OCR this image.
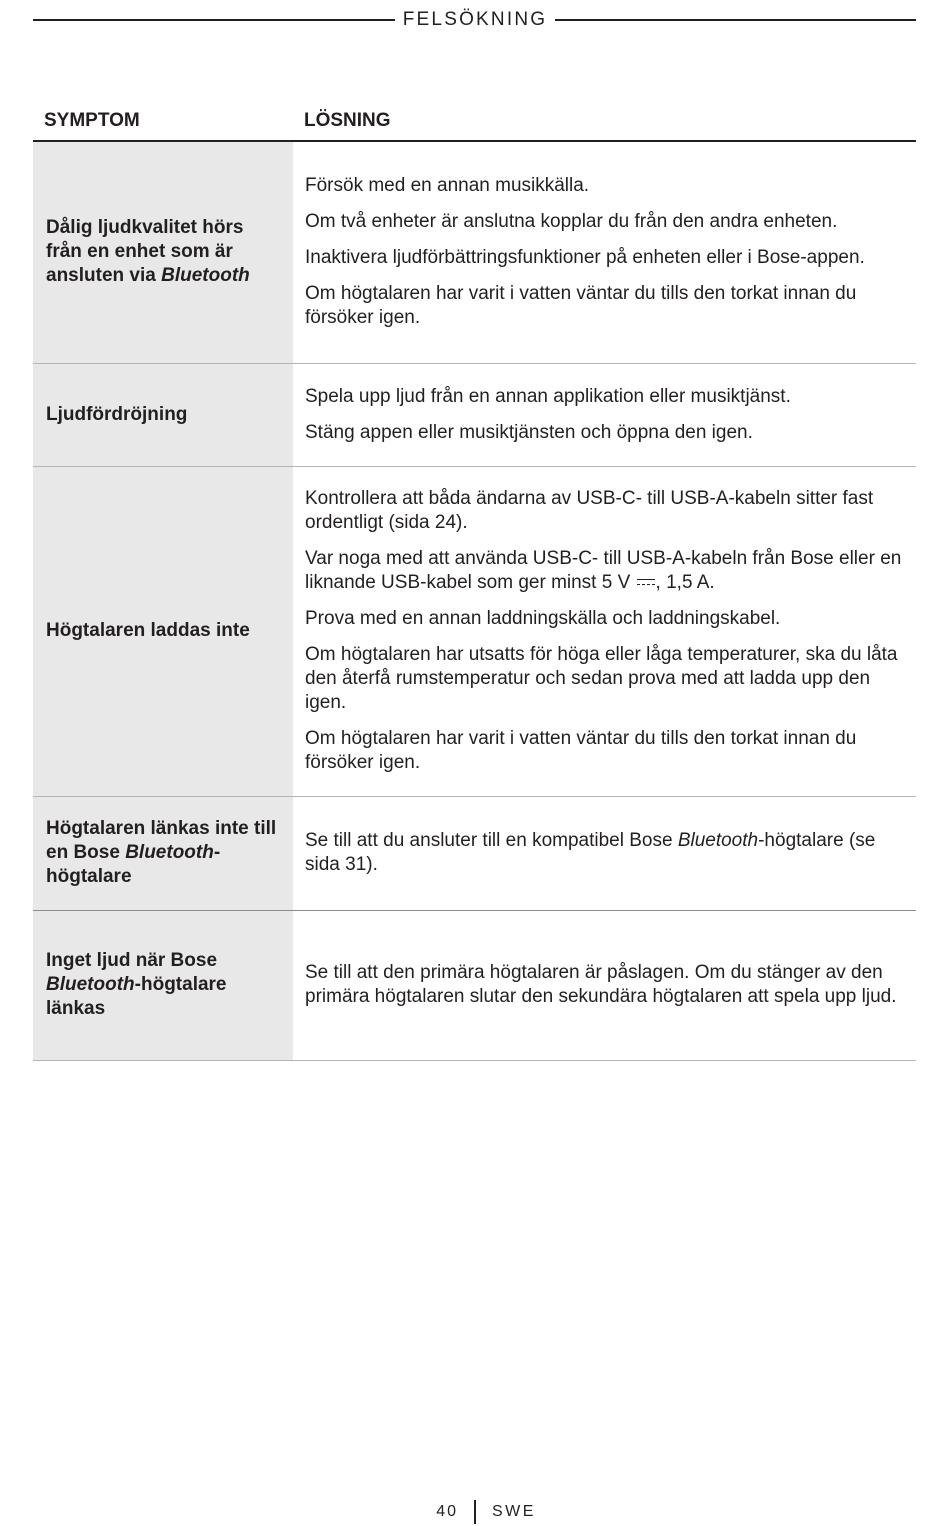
FELSÖKNING
SYMPTOM	LÖSNING
Dålig ljudkvalitet hörs från en enhet som är ansluten via Bluetooth	Försök med en annan musikkälla.

Om två enheter är anslutna kopplar du från den andra enheten.

Inaktivera ljudförbättringsfunktioner på enheten eller i Bose-appen.

Om högtalaren har varit i vatten väntar du tills den torkat innan du försöker igen.

Ljudfördröjning	Spela upp ljud från en annan applikation eller musiktjänst.

Stäng appen eller musiktjänsten och öppna den igen.

Högtalaren laddas inte	Kontrollera att båda ändarna av USB-C- till USB-A-kabeln sitter fast ordentligt (sida 24).

Var noga med att använda USB-C- till USB-A-kabeln från Bose eller en liknande USB-kabel som ger minst 5 V , 1,5 A.

Prova med en annan laddningskälla och laddningskabel.

Om högtalaren har utsatts för höga eller låga temperaturer, ska du låta den återfå rumstemperatur och sedan prova med att ladda upp den igen.

Om högtalaren har varit i vatten väntar du tills den torkat innan du försöker igen.

Högtalaren länkas inte till en Bose Bluetooth-högtalare	Se till att du ansluter till en kompatibel Bose Bluetooth-högtalare (se sida 31).

Inget ljud när Bose Bluetooth-högtalare länkas	Se till att den primära högtalaren är påslagen. Om du stänger av den primära högtalaren slutar den sekundära högtalaren att spela upp ljud.

40 SWE
